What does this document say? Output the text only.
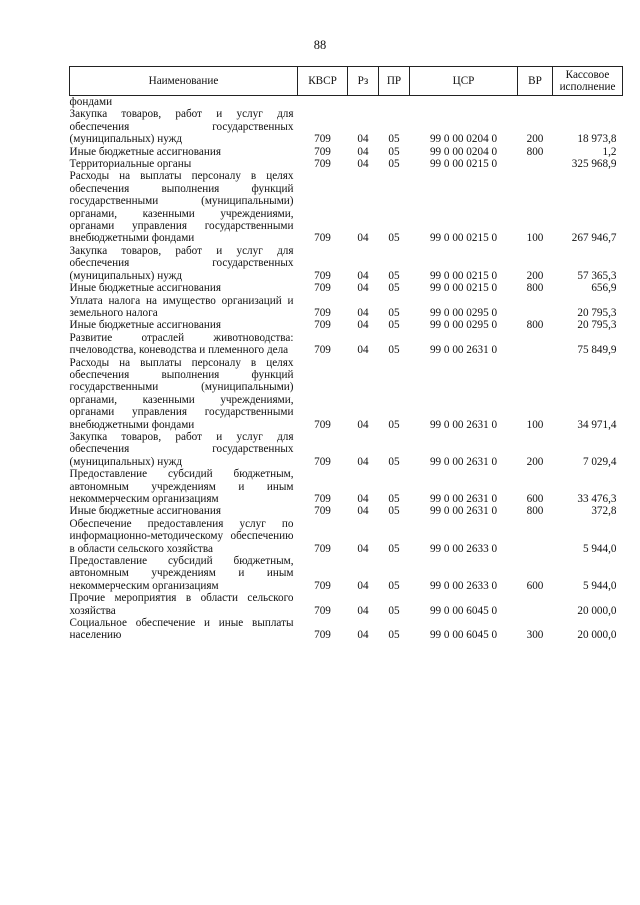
88
Наименование	КВСР	Рз	ПР	ЦСР	ВР	Кассовое исполнение
фондами						
Закупка товаров, работ и услуг для обеспечения государственных (муниципальных) нужд	709	04	05	99 0 00 0204 0	200	18 973,8
Иные бюджетные ассигнования	709	04	05	99 0 00 0204 0	800	1,2
Территориальные органы	709	04	05	99 0 00 0215 0		325 968,9
Расходы на выплаты персоналу в целях обеспечения выполнения функций государственными (муниципальными) органами, казенными учреждениями, органами управления государственными внебюджетными фондами	709	04	05	99 0 00 0215 0	100	267 946,7
Закупка товаров, работ и услуг для обеспечения государственных (муниципальных) нужд	709	04	05	99 0 00 0215 0	200	57 365,3
Иные бюджетные ассигнования	709	04	05	99 0 00 0215 0	800	656,9
Уплата налога на имущество организаций и земельного налога	709	04	05	99 0 00 0295 0		20 795,3
Иные бюджетные ассигнования	709	04	05	99 0 00 0295 0	800	20 795,3
Развитие отраслей животноводства: пчеловодства, коневодства и племенного дела	709	04	05	99 0 00 2631 0		75 849,9
Расходы на выплаты персоналу в целях обеспечения выполнения функций государственными (муниципальными) органами, казенными учреждениями, органами управления государственными внебюджетными фондами	709	04	05	99 0 00 2631 0	100	34 971,4
Закупка товаров, работ и услуг для обеспечения государственных (муниципальных) нужд	709	04	05	99 0 00 2631 0	200	7 029,4
Предоставление субсидий бюджетным, автономным учреждениям и иным некоммерческим организациям	709	04	05	99 0 00 2631 0	600	33 476,3
Иные бюджетные ассигнования	709	04	05	99 0 00 2631 0	800	372,8
Обеспечение предоставления услуг по информационно-методическому обеспечению в области сельского хозяйства	709	04	05	99 0 00 2633 0		5 944,0
Предоставление субсидий бюджетным, автономным учреждениям и иным некоммерческим организациям	709	04	05	99 0 00 2633 0	600	5 944,0
Прочие мероприятия в области сельского хозяйства	709	04	05	99 0 00 6045 0		20 000,0
Социальное обеспечение и иные выплаты населению	709	04	05	99 0 00 6045 0	300	20 000,0
